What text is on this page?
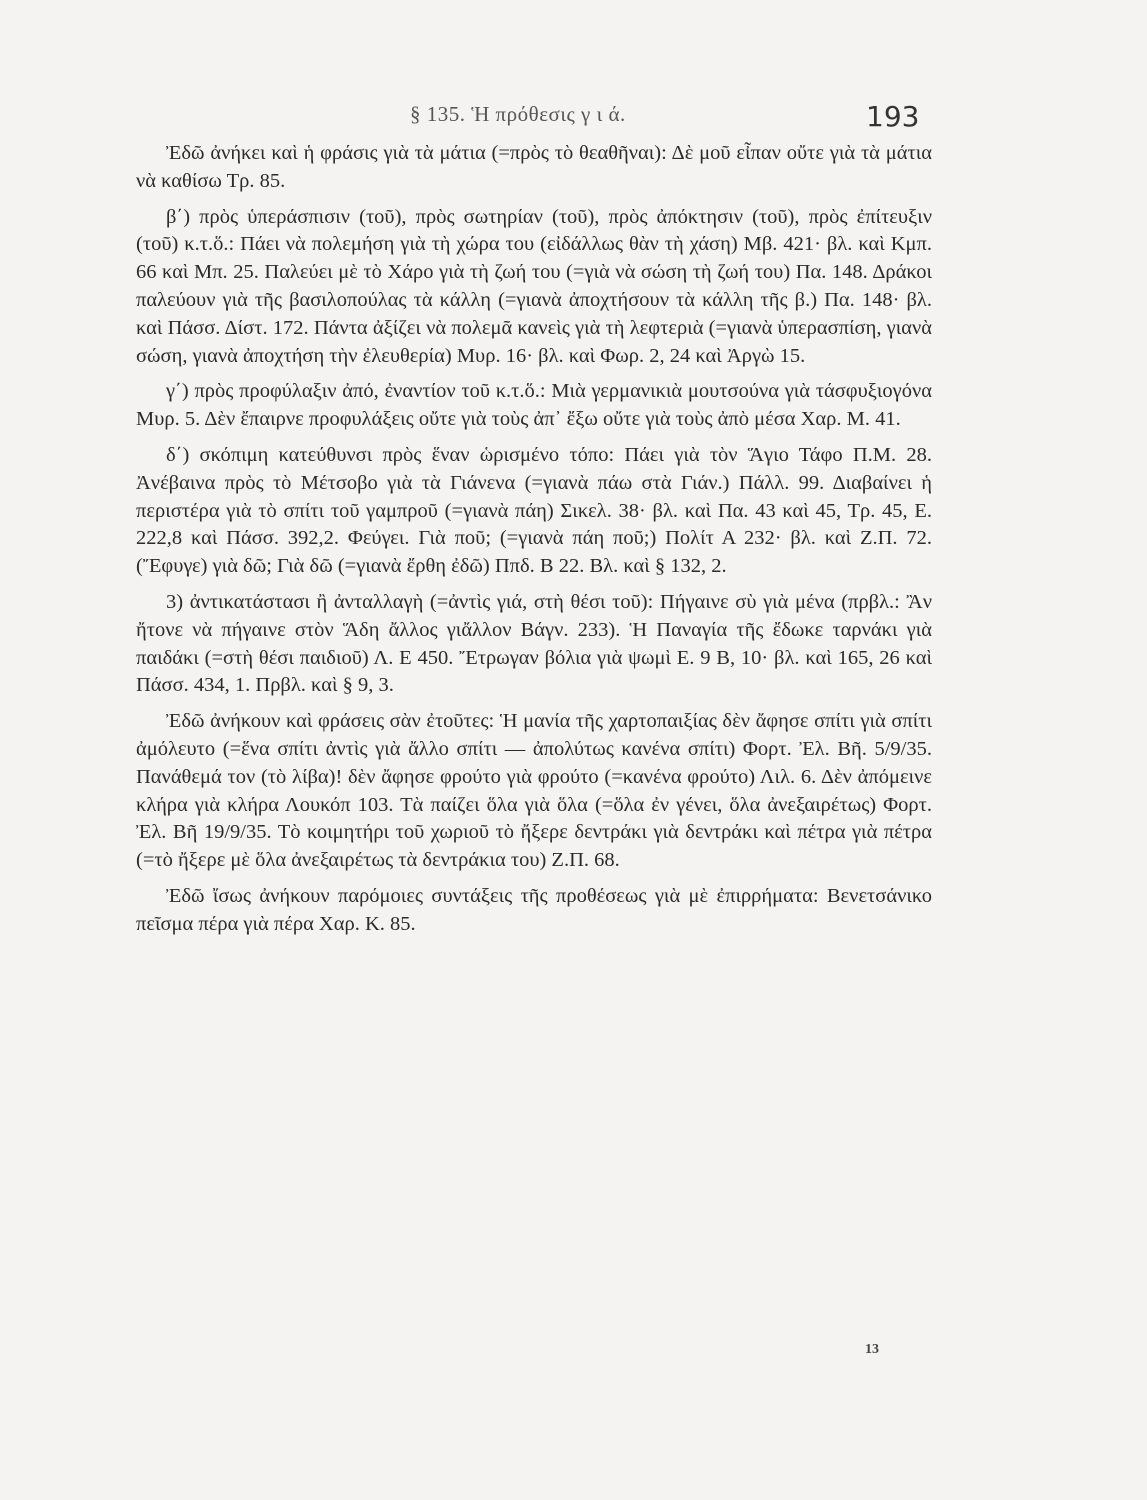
§ 135. Ἡ πρόθεσις γ ι ά.	193

Ἐδῶ ἀνήκει καὶ ἡ φράσις γιὰ τὰ μάτια (=πρὸς τὸ θεαθῆναι): Δὲ μοῦ εἶπαν οὔτε γιὰ τὰ μάτια νὰ καθίσω Τρ. 85.

β΄) πρὸς ὑπεράσπισιν (τοῦ), πρὸς σωτηρίαν (τοῦ), πρὸς ἀπόκτησιν (τοῦ), πρὸς ἐπίτευξιν (τοῦ) κ.τ.ὅ.: Πάει νὰ πολεμήση γιὰ τὴ χώρα του (εἰδάλλως θὰν τὴ χάση) Μβ. 421· βλ. καὶ Κμπ. 66 καὶ Μπ. 25. Παλεύει μὲ τὸ Χάρο γιὰ τὴ ζωή του (=γιὰ νὰ σώση τὴ ζωή του) Πα. 148. Δράκοι παλεύουν γιὰ τῆς βασιλοπούλας τὰ κάλλη (=γιανὰ ἀποχτήσουν τὰ κάλλη τῆς β.) Πα. 148· βλ. καὶ Πάσσ. Δίστ. 172. Πάντα ἀξίζει νὰ πολεμᾶ κανεὶς γιὰ τὴ λεφτεριὰ (=γιανὰ ὑπερασπίση, γιανὰ σώση, γιανὰ ἀποχτήση τὴν ἐλευθερία) Μυρ. 16· βλ. καὶ Φωρ. 2, 24 καὶ Ἀργὼ 15.

γ΄) πρὸς προφύλαξιν ἀπό, ἐναντίον τοῦ κ.τ.ὅ.: Μιὰ γερμανικιὰ μουτσούνα γιὰ τάσφυξιογόνα Μυρ. 5. Δὲν ἔπαιρνε προφυλάξεις οὔτε γιὰ τοὺς ἀπ᾿ ἔξω οὔτε γιὰ τοὺς ἀπὸ μέσα Χαρ. Μ. 41.

δ΄) σκόπιμη κατεύθυνσι πρὸς ἕναν ὡρισμένο τόπο: Πάει γιὰ τὸν Ἅγιο Τάφο Π.Μ. 28. Ἀνέβαινα πρὸς τὸ Μέτσοβο γιὰ τὰ Γιάνενα (=γιανὰ πάω στὰ Γιάν.) Πάλλ. 99. Διαβαίνει ἡ περιστέρα γιὰ τὸ σπίτι τοῦ γαμπροῦ (=γιανὰ πάη) Σικελ. 38· βλ. καὶ Πα. 43 καὶ 45, Τρ. 45, Ε. 222,8 καὶ Πάσσ. 392,2. Φεύγει. Γιὰ ποῦ; (=γιανὰ πάη ποῦ;) Πολίτ Α 232· βλ. καὶ Ζ.Π. 72. (Ἔφυγε) γιὰ δῶ; Γιὰ δῶ (=γιανὰ ἔρθη ἐδῶ) Ππδ. Β 22. Βλ. καὶ § 132, 2.

3) ἀντικατάστασι ἢ ἀνταλλαγὴ (=ἀντὶς γιά, στὴ θέσι τοῦ): Πήγαινε σὺ γιὰ μένα (πρβλ.: Ἂν ἤτονε νὰ πήγαινε στὸν Ἅδη ἄλλος γιἄλλον Βάγν. 233). Ἡ Παναγία τῆς ἔδωκε ταρνάκι γιὰ παιδάκι (=στὴ θέσι παιδιοῦ) Λ. Ε 450. Ἔτρωγαν βόλια γιὰ ψωμὶ Ε. 9 Β, 10· βλ. καὶ 165, 26 καὶ Πάσσ. 434, 1. Πρβλ. καὶ § 9, 3.

Ἐδῶ ἀνήκουν καὶ φράσεις σὰν ἐτοῦτες: Ἡ μανία τῆς χαρτοπαιξίας δὲν ἄφησε σπίτι γιὰ σπίτι ἀμόλευτο (=ἕνα σπίτι ἀντὶς γιὰ ἄλλο σπίτι — ἀπολύτως κανένα σπίτι) Φορτ. Ἐλ. Βῆ. 5/9/35. Πανάθεμά τον (τὸ λίβα)! δὲν ἄφησε φρούτο γιὰ φρούτο (=κανένα φρούτο) Λιλ. 6. Δὲν ἀπόμεινε κλήρα γιὰ κλήρα Λουκόπ 103. Τὰ παίζει ὅλα γιὰ ὅλα (=ὅλα ἐν γένει, ὅλα ἀνεξαιρέτως) Φορτ. Ἐλ. Βῆ 19/9/35. Τὸ κοιμητήρι τοῦ χωριοῦ τὸ ἤξερε δεντράκι γιὰ δεντράκι καὶ πέτρα γιὰ πέτρα (=τὸ ἤξερε μὲ ὅλα ἀνεξαιρέτως τὰ δεντράκια του) Ζ.Π. 68.

Ἐδῶ ἴσως ἀνήκουν παρόμοιες συντάξεις τῆς προθέσεως γιὰ μὲ ἐπιρρήματα: Βενετσάνικο πεῖσμα πέρα γιὰ πέρα Χαρ. Κ. 85.

13
